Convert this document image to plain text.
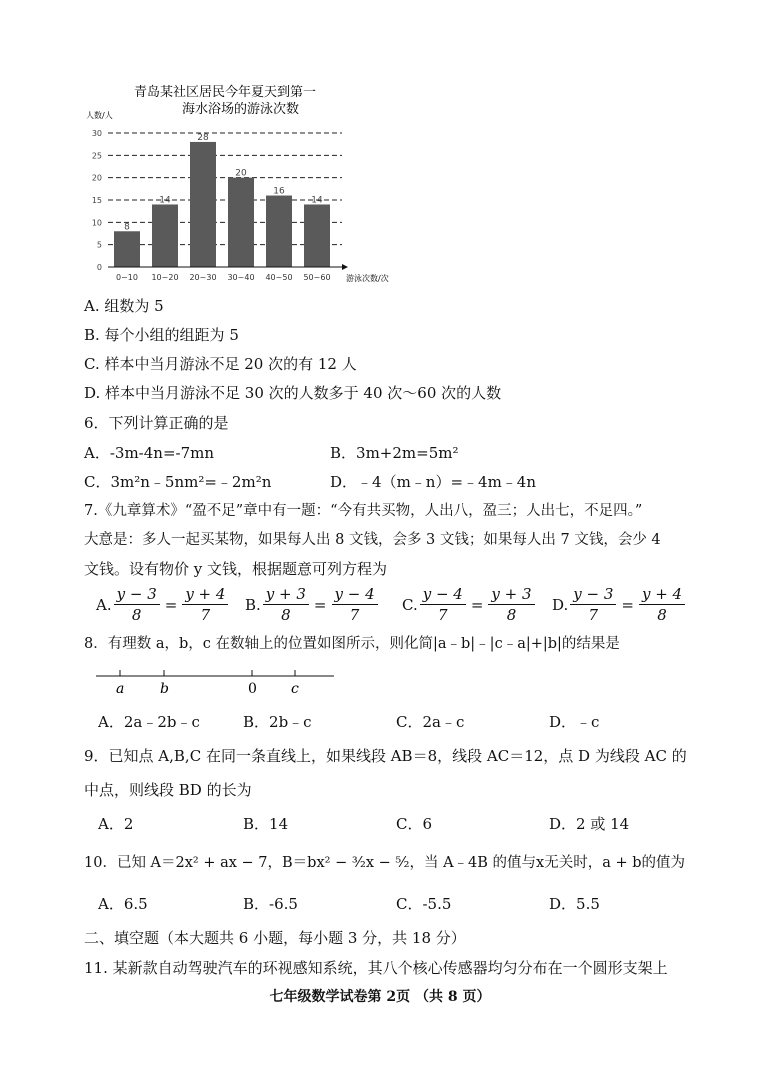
青岛某社区居民今年夏天到第一
海水浴场的游泳次数
人数/人
游泳次数/次
0
5
10
15
20
25
30
8
14
28
20
16
14
0~10 10~20 20~30 30~40 40~50 50~60
A. 组数为 5
B. 每个小组的组距为 5
C. 样本中当月游泳不足 20 次的有 12 人
D. 样本中当月游泳不足 30 次的人数多于 40 次～60 次的人数
6．下列计算正确的是
A．-3m-4n=-7mn	B．3m+2m=5m²
C．3m²n﹣5nm²=﹣2m²n	D．﹣4（m﹣n）=﹣4m﹣4n
7.《九章算术》“盈不足”章中有一题：“今有共买物，人出八，盈三；人出七，不足四。”
大意是：多人一起买某物，如果每人出 8 文钱，会多 3 文钱；如果每人出 7 文钱，会少 4
文钱。设有物价 y 文钱，根据题意可列方程为
A. $\frac{y - 3}{8} = \frac{y + 4}{7} B$. $\frac{y + 3}{8} = \frac{y - 4}{7} C$. $\frac{y - 4}{7} = \frac{y + 3}{8} D$. $\frac{y - 3}{7} = \frac{y + 4}{8}$
8．有理数 a，b，c 在数轴上的位置如图所示，则化简|a﹣b|﹣|c﹣a|+|b|的结果是
a	b	0 c
A．2a﹣2b﹣c	B．2b﹣c	C．2a﹣c	D．﹣c
9．已知点 A,B,C 在同一条直线上，如果线段 AB＝8，线段 AC＝12，点 D 为线段 AC 的
中点，则线段 BD 的长为
A．2	B．14	C．6	D．2 或 14
10．已知 A＝2x² + ax − 7，B＝bx² − ³⁄₂x − ⁵⁄₂，当 A﹣4B 的值与x无关时，a + b的值为
A．6.5	B．-6.5	C．-5.5	D．5.5
二、填空题（本大题共 6 小题，每小题 3 分，共 18 分）
11. 某新款自动驾驶汽车的环视感知系统，其八个核心传感器均匀分布在一个圆形支架上
七年级数学试卷第 2页 （共 8 页）
